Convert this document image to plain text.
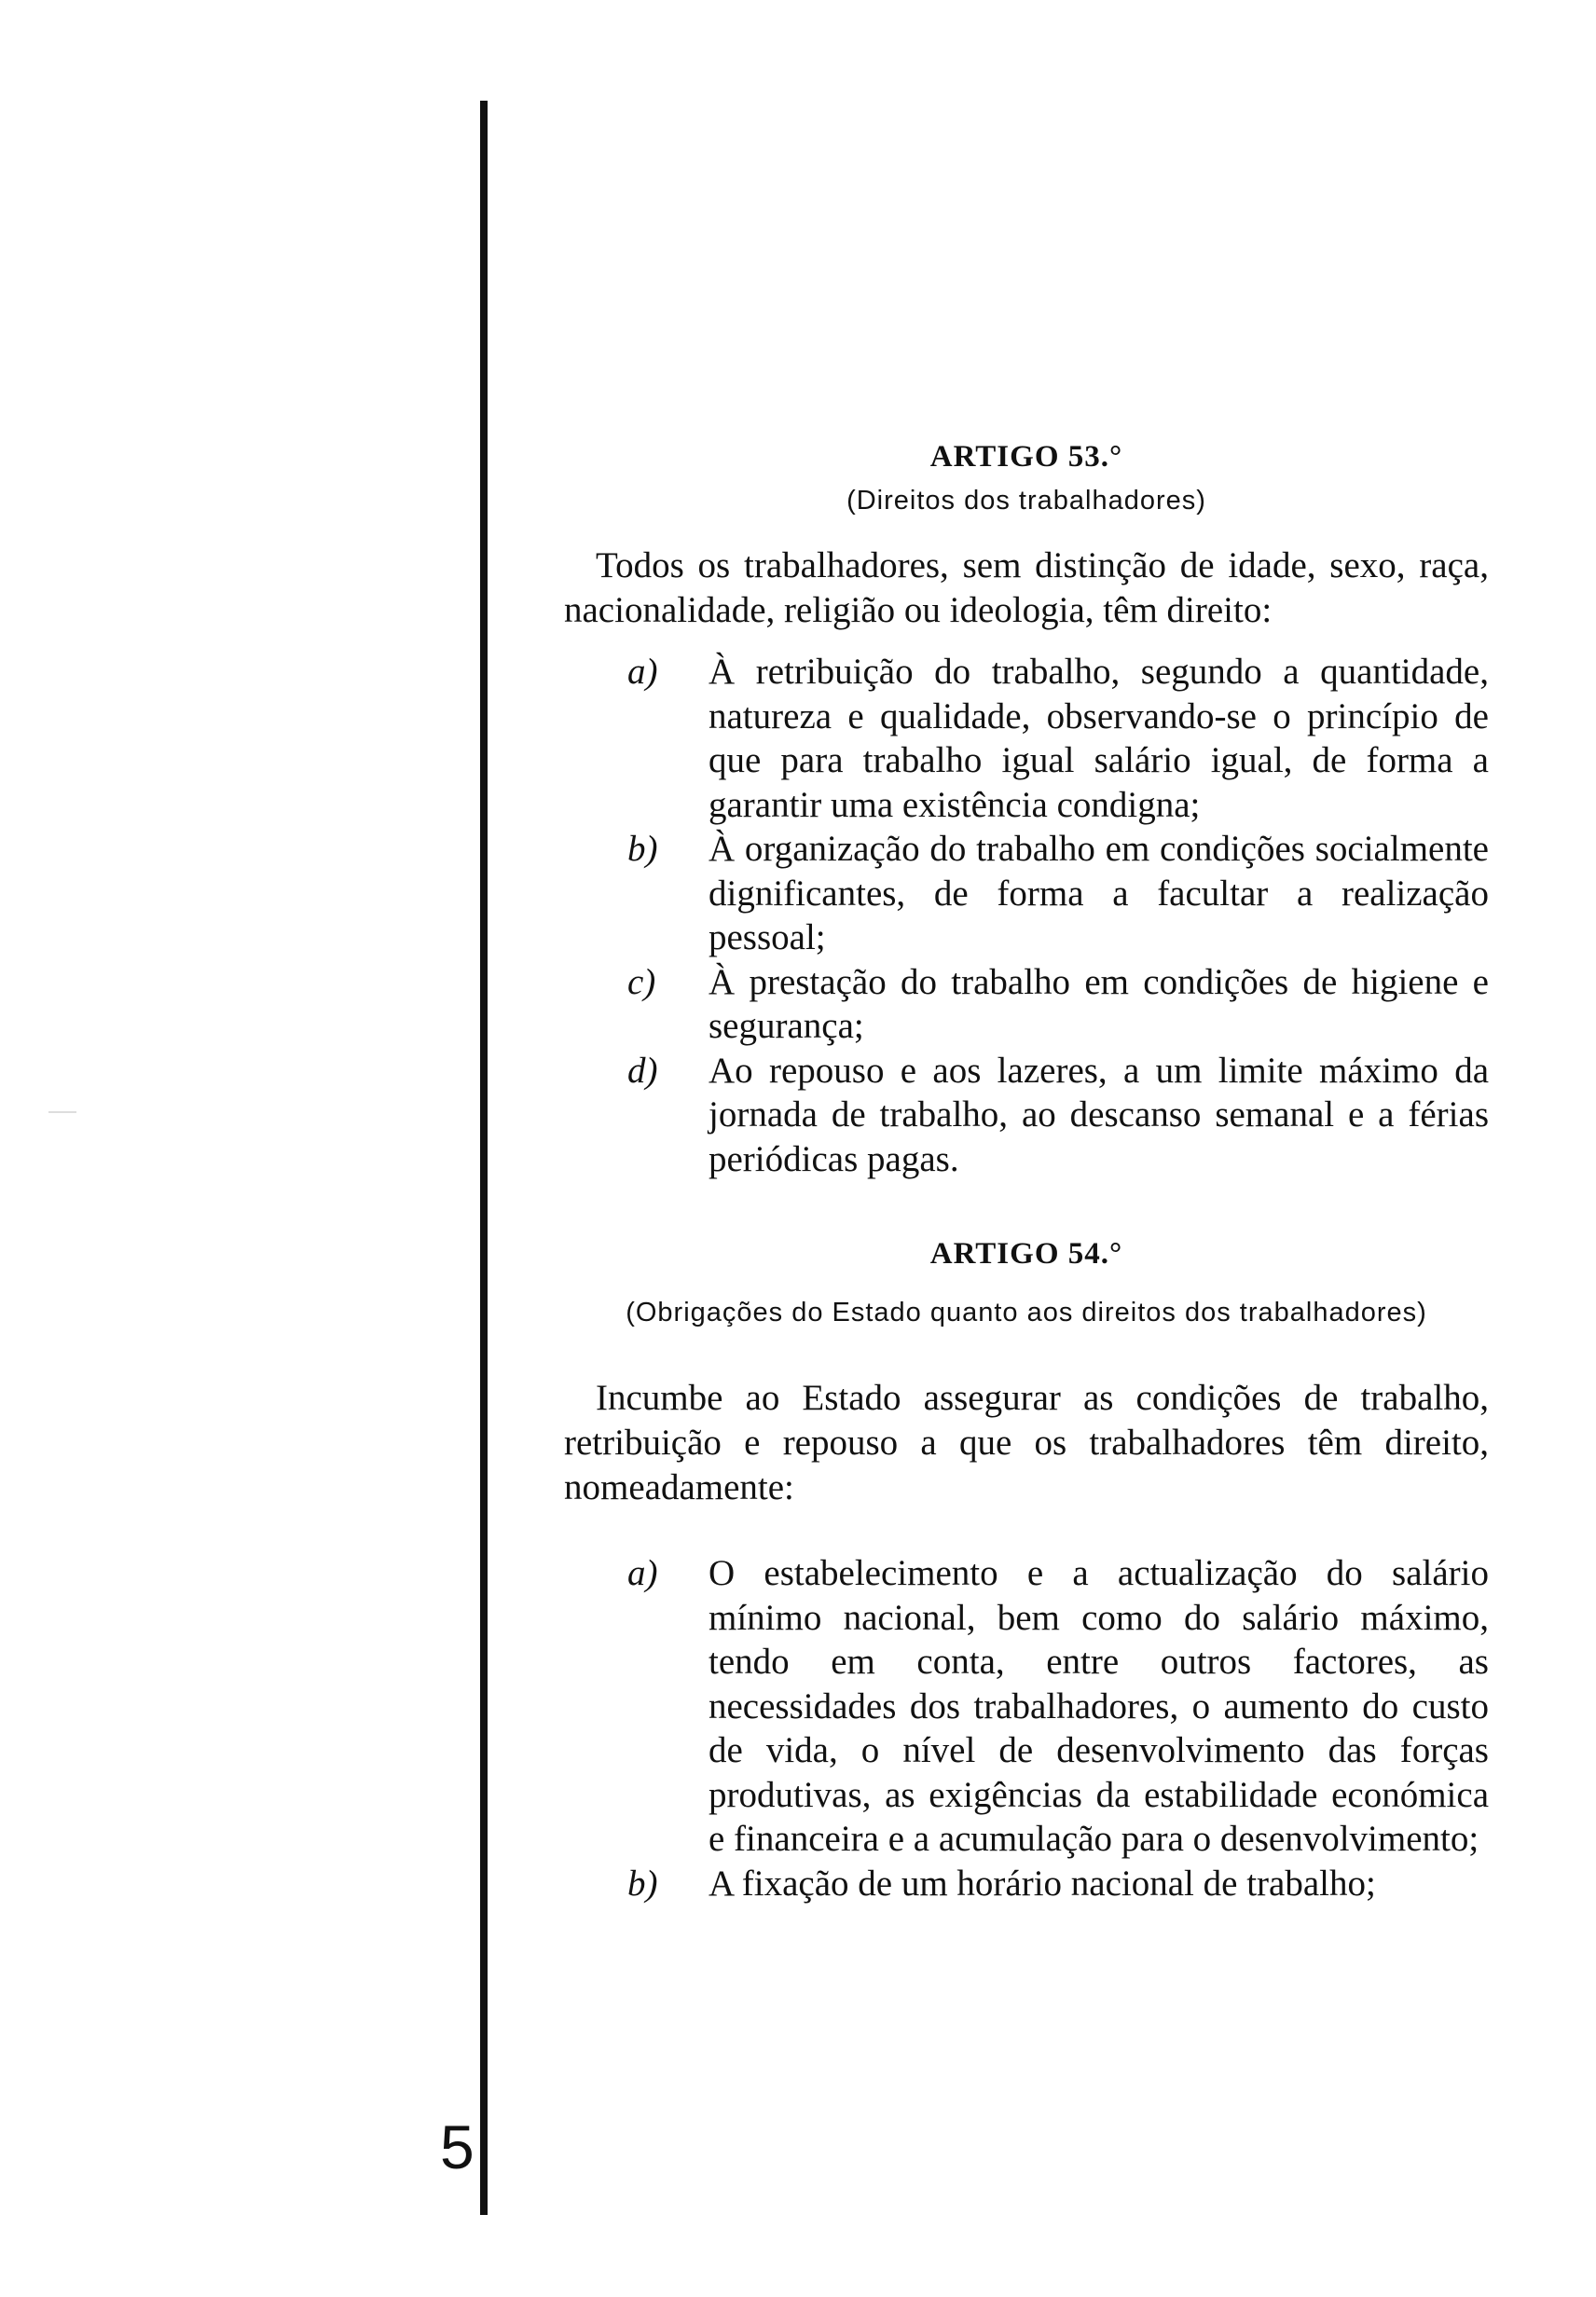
5
ARTIGO 53.°
(Direitos dos trabalhadores)

Todos os trabalhadores, sem distinção de idade, sexo, raça, nacionalidade, religião ou ideologia, têm direito:

a) À retribuição do trabalho, segundo a quantidade, natureza e qualidade, observando-se o princípio de que para trabalho igual salário igual, de forma a garantir uma existência condigna;
b) À organização do trabalho em condições socialmente dignificantes, de forma a facultar a realização pessoal;
c) À prestação do trabalho em condições de higiene e segurança;
d) Ao repouso e aos lazeres, a um limite máximo da jornada de trabalho, ao descanso semanal e a férias periódicas pagas.
ARTIGO 54.°
(Obrigações do Estado quanto aos direitos dos trabalhadores)

Incumbe ao Estado assegurar as condições de trabalho, retribuição e repouso a que os trabalhadores têm direito, nomeadamente:

a) O estabelecimento e a actualização do salário mínimo nacional, bem como do salário máximo, tendo em conta, entre outros factores, as necessidades dos trabalhadores, o aumento do custo de vida, o nível de desenvolvimento das forças produtivas, as exigências da estabilidade económica e financeira e a acumulação para o desenvolvimento;
b) A fixação de um horário nacional de trabalho;
